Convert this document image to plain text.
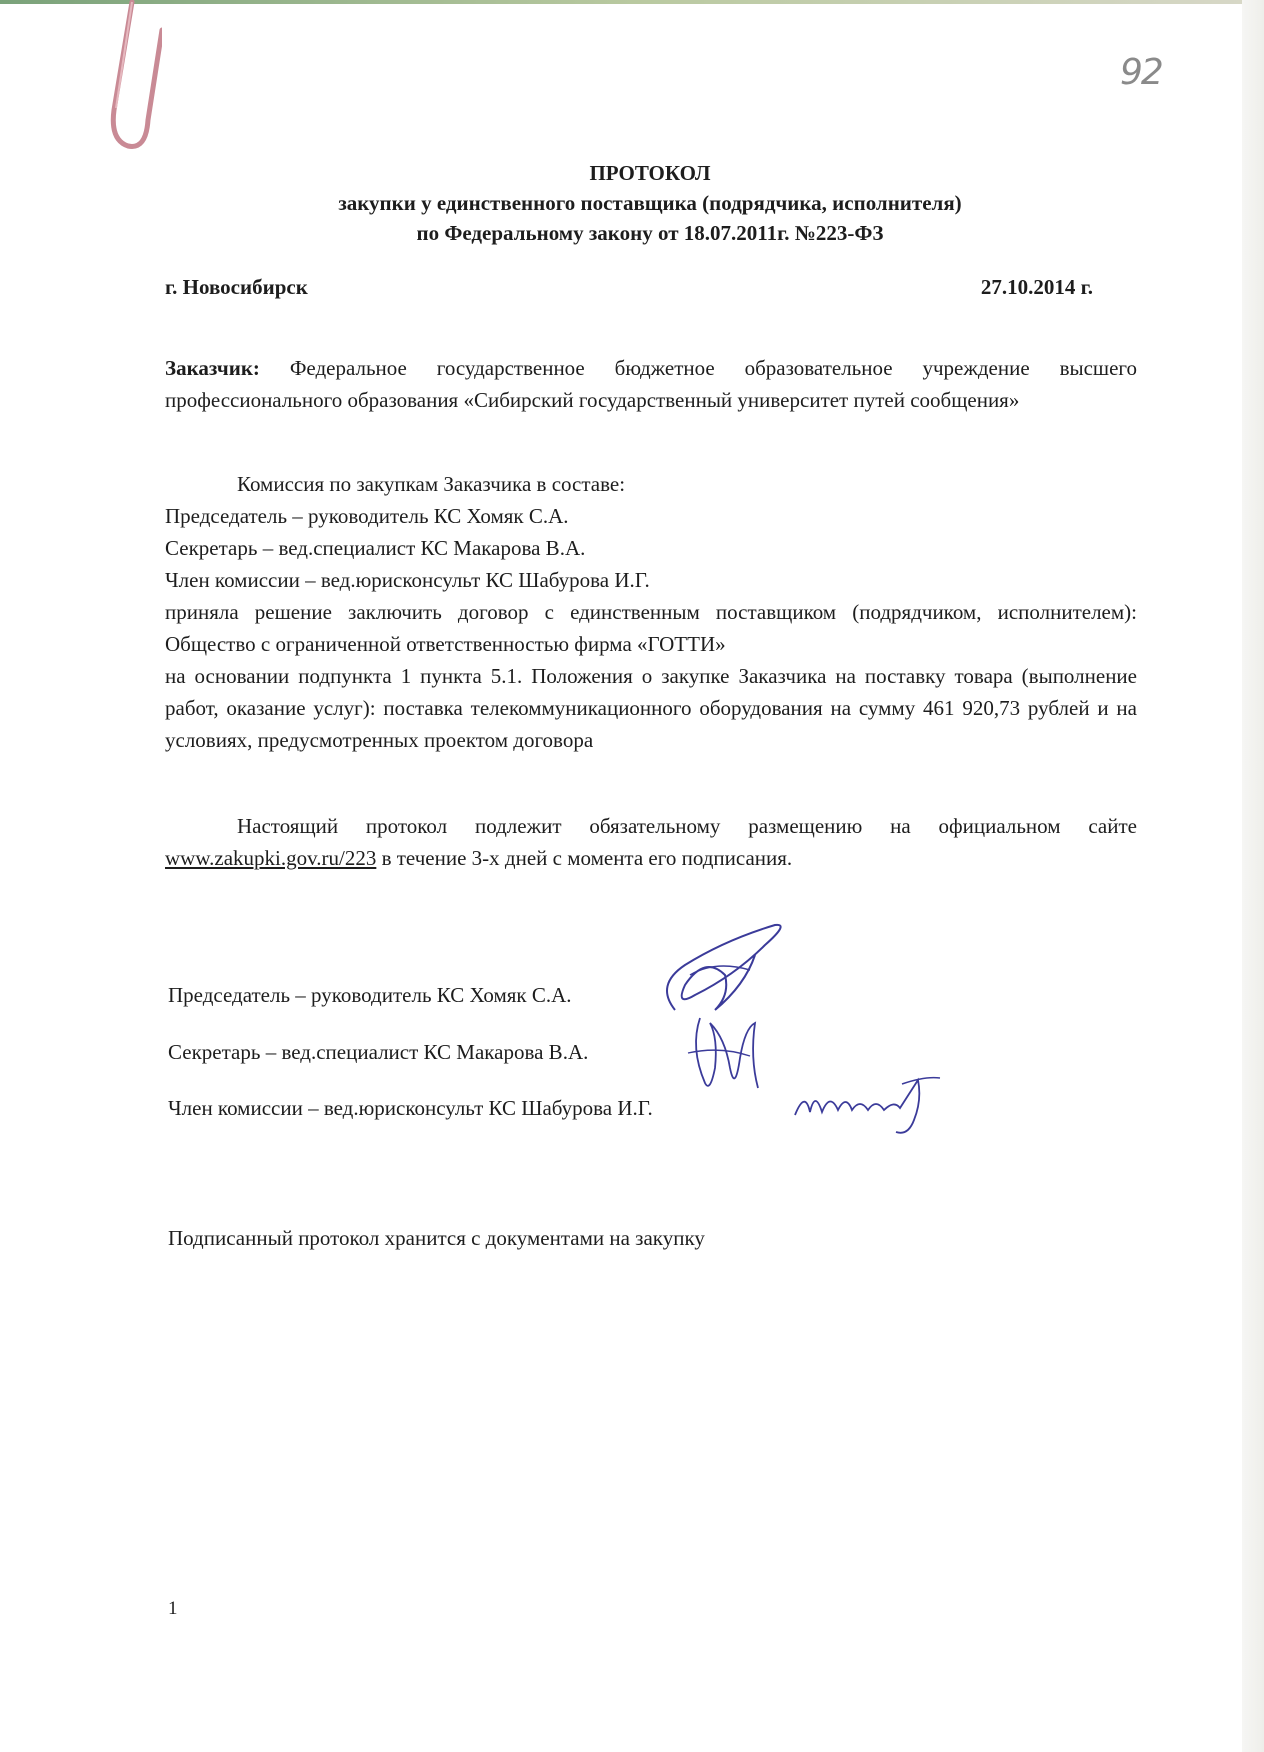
92
ПРОТОКОЛ
закупки у единственного поставщика (подрядчика, исполнителя)
по Федеральному закону от 18.07.2011г. №223-ФЗ
г. Новосибирск	27.10.2014 г.
Заказчик: Федеральное государственное бюджетное образовательное учреждение высшего профессионального образования «Сибирский государственный университет путей сообщения»
Комиссия по закупкам Заказчика в составе:
Председатель – руководитель КС Хомяк С.А.
Секретарь – вед.специалист КС Макарова В.А.
Член комиссии – вед.юрисконсульт КС Шабурова И.Г.
приняла решение заключить договор с единственным поставщиком (подрядчиком, исполнителем): Общество с ограниченной ответственностью фирма «ГОТТИ»
на основании подпункта 1 пункта 5.1. Положения о закупке Заказчика на поставку товара (выполнение работ, оказание услуг): поставка телекоммуникационного оборудования на сумму 461 920,73 рублей и на условиях, предусмотренных проектом договора
Настоящий протокол подлежит обязательному размещению на официальном сайте www.zakupki.gov.ru/223 в течение 3-х дней с момента его подписания.
Председатель – руководитель КС Хомяк С.А.
Секретарь – вед.специалист КС Макарова В.А.
Член комиссии – вед.юрисконсульт КС Шабурова И.Г.
Подписанный протокол хранится с документами на закупку
1
